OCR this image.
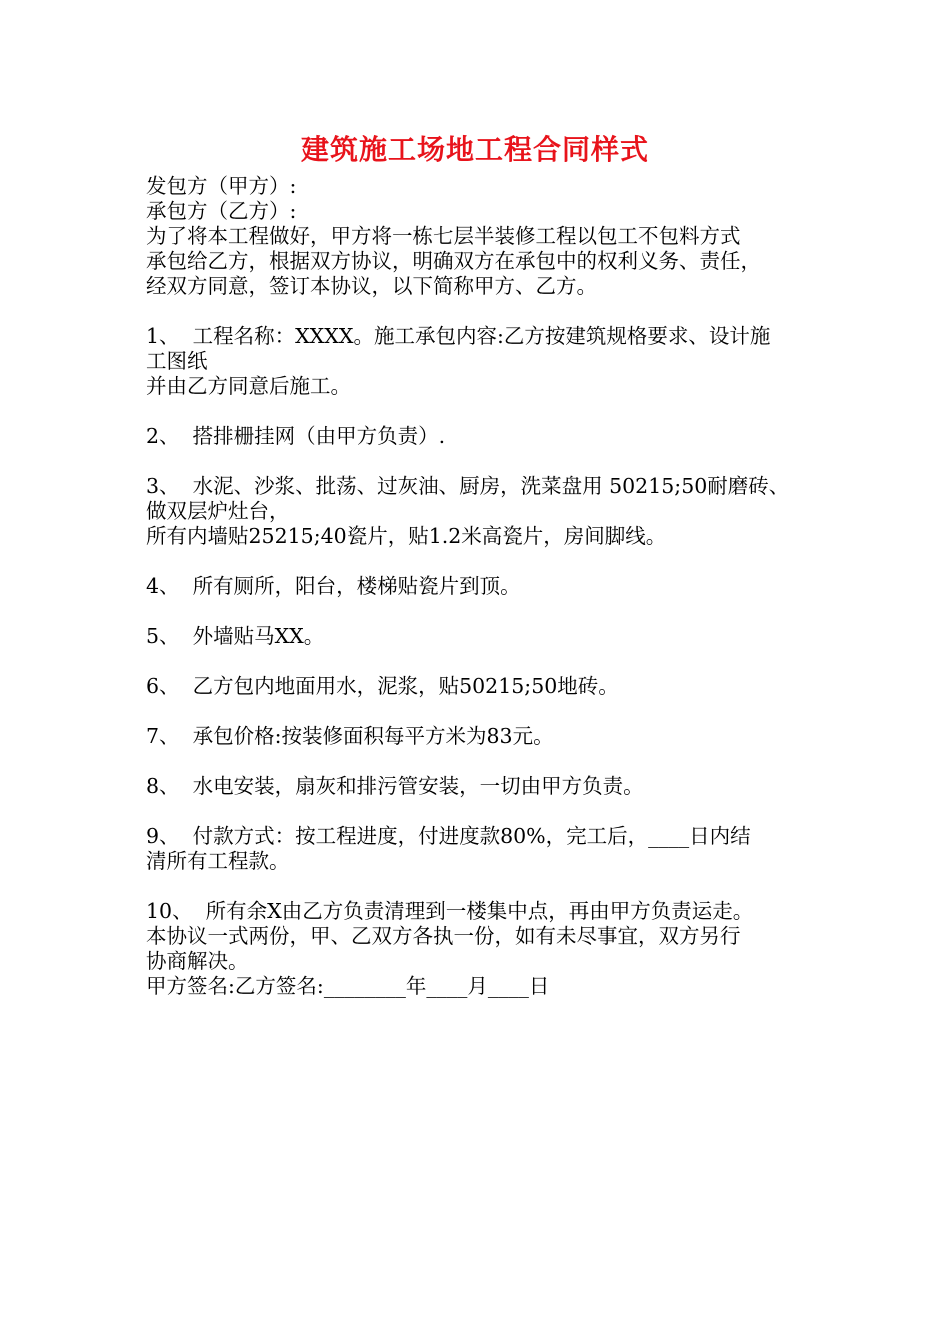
建筑施工场地工程合同样式
发包方（甲方）:
承包方（乙方）:
为了将本工程做好，甲方将一栋七层半装修工程以包工不包料方式
承包给乙方，根据双方协议，明确双方在承包中的权利义务、责任，
经双方同意，签订本协议，以下简称甲方、乙方。
1、  工程名称：XXXX。施工承包内容:乙方按建筑规格要求、设计施
工图纸
并由乙方同意后施工。
2、  搭排栅挂网（由甲方负责）.
3、  水泥、沙浆、批荡、过灰油、厨房，洗菜盘用 50215;50耐磨砖、
做双层炉灶台，
所有内墙贴25215;40瓷片，贴1.2米高瓷片，房间脚线。
4、  所有厕所，阳台，楼梯贴瓷片到顶。
5、  外墙贴马XX。
6、  乙方包内地面用水，泥浆，贴50215;50地砖。
7、  承包价格:按装修面积每平方米为83元。
8、  水电安装，扇灰和排污管安装，一切由甲方负责。
9、  付款方式：按工程进度，付进度款80%，完工后，____日内结
清所有工程款。
10、  所有余X由乙方负责清理到一楼集中点，再由甲方负责运走。
本协议一式两份，甲、乙双方各执一份，如有未尽事宜，双方另行
协商解决。
甲方签名:乙方签名:________年____月____日
